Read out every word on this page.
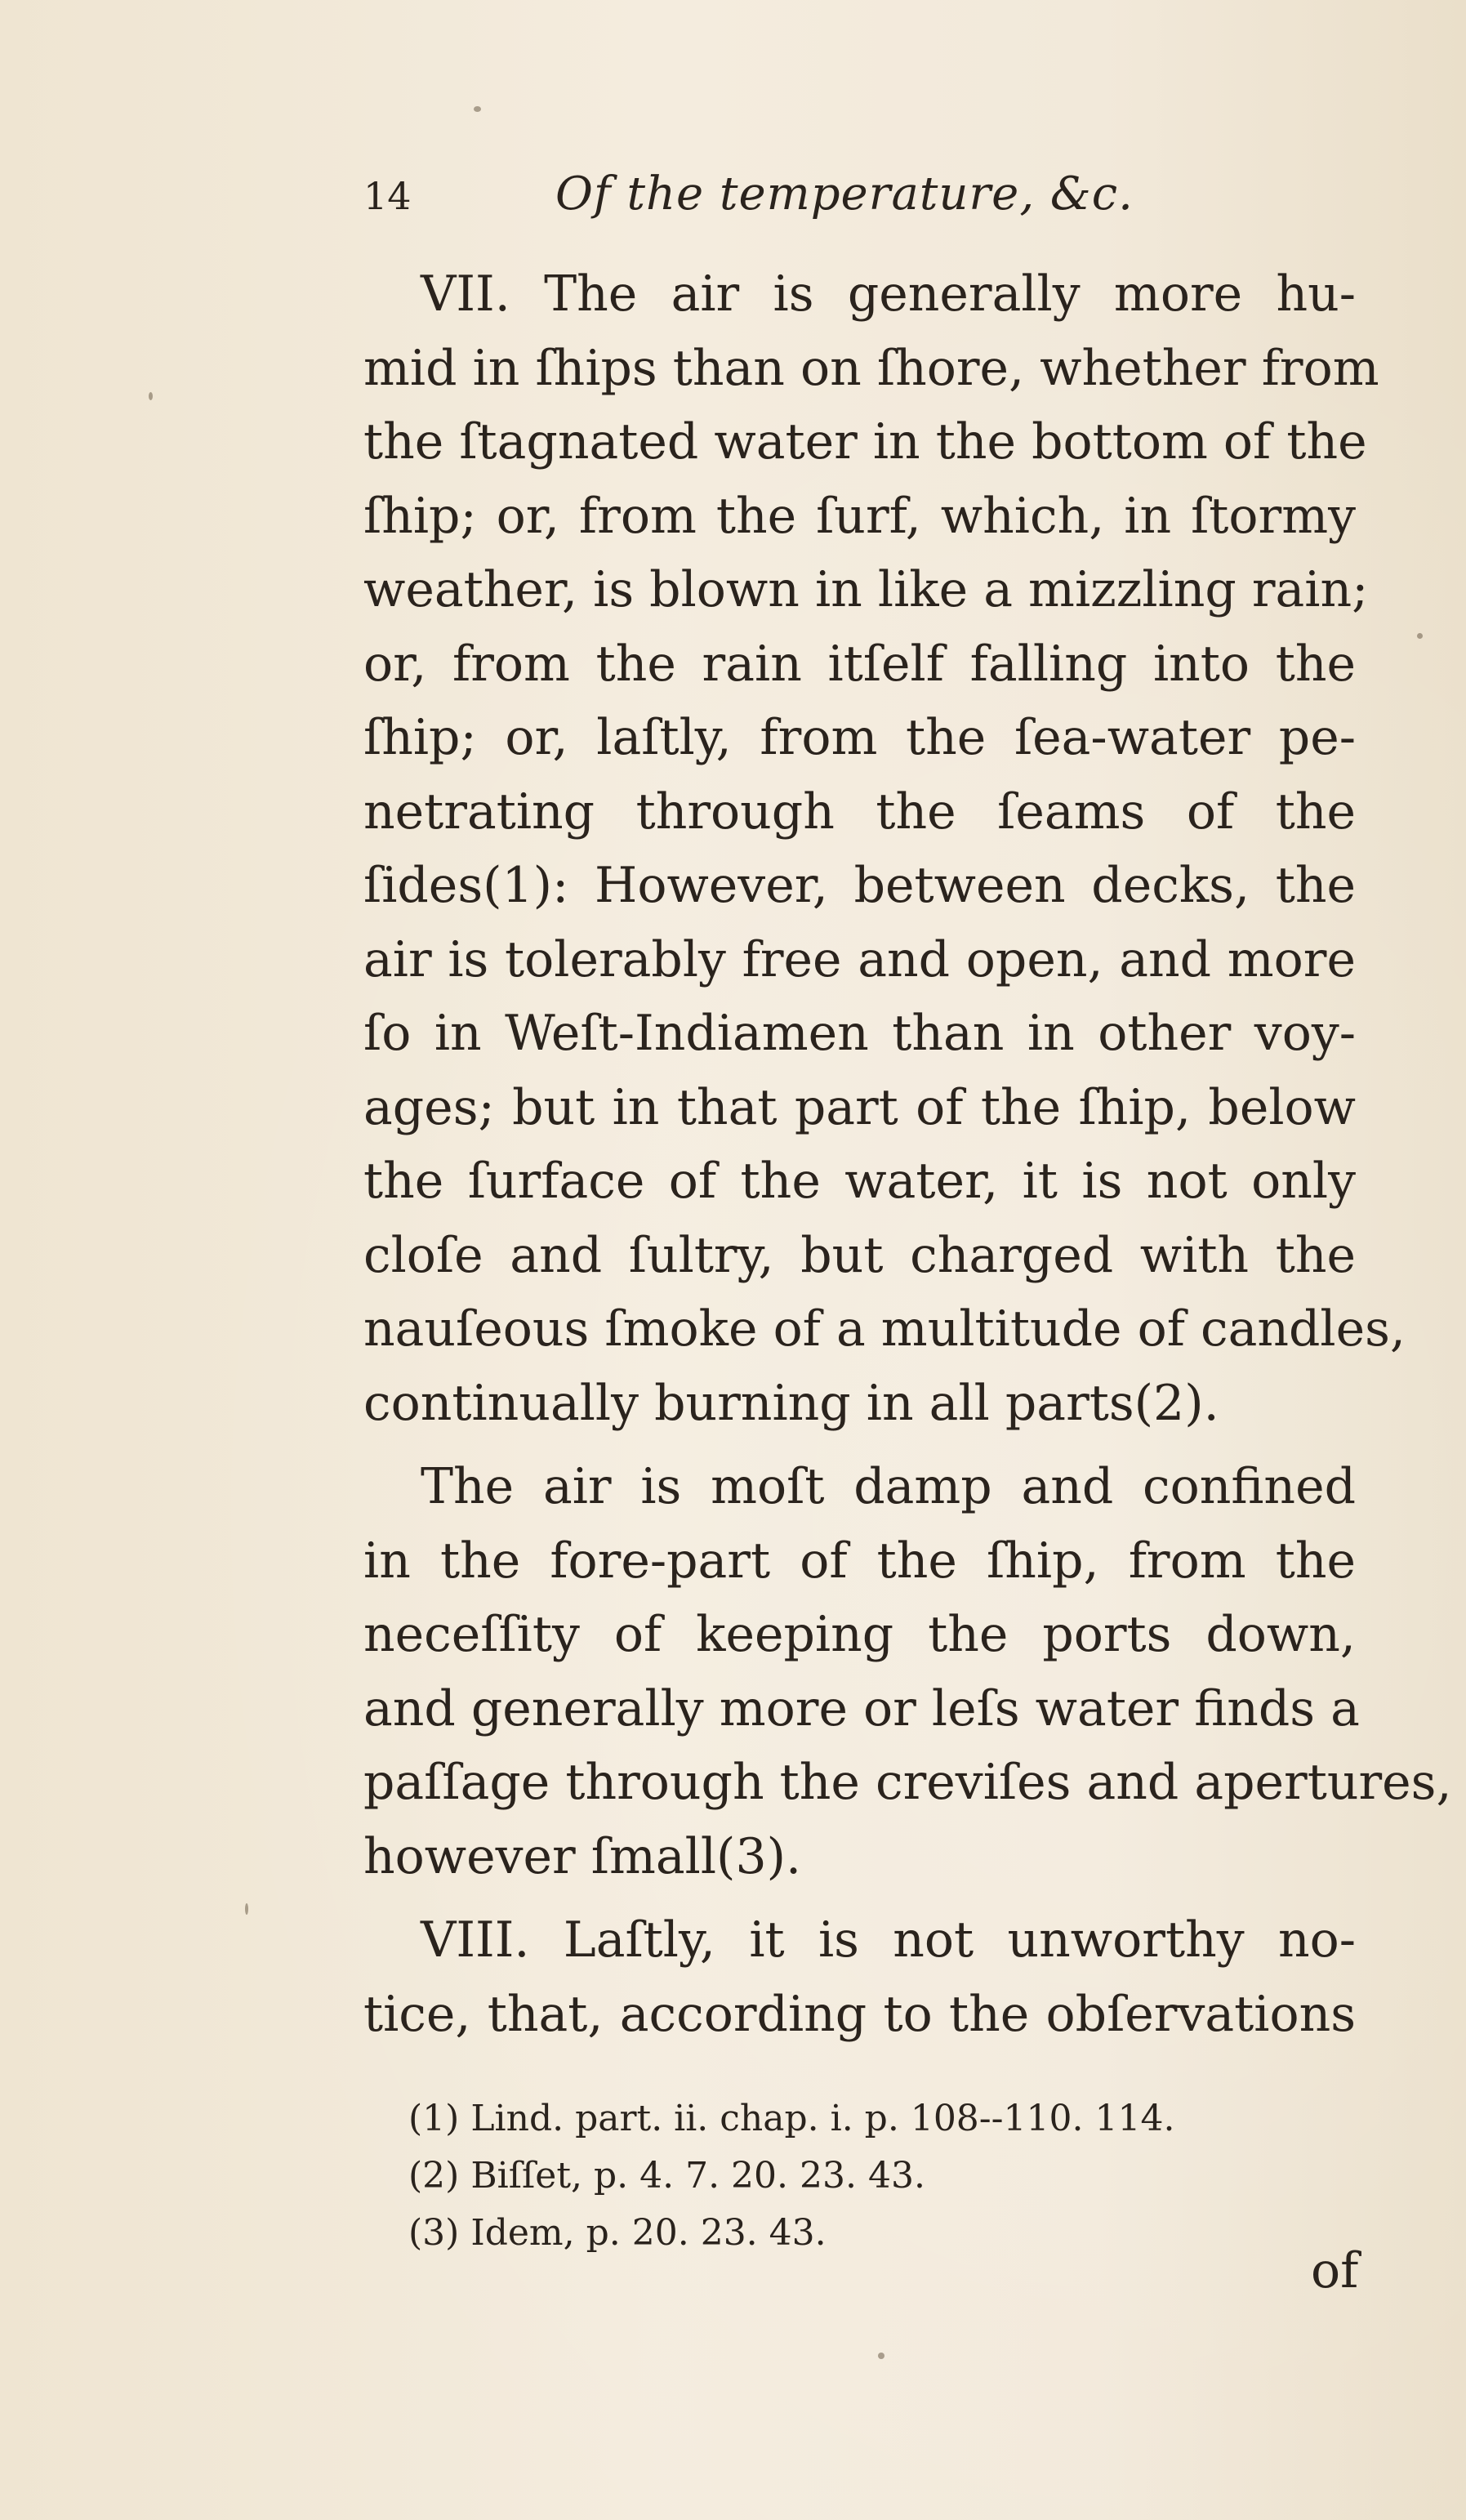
14	Of the temperature, &c.
VII. The air is generally more hu-
mid in ſhips than on ſhore, whether from
the ſtagnated water in the bottom of the
ſhip; or, from the ſurf, which, in ſtormy
weather, is blown in like a mizzling rain;
or, from the rain itſelf falling into the
ſhip; or, laſtly, from the ſea-water pe-
netrating through the ſeams of the
ſides(1): However, between decks, the
air is tolerably free and open, and more
ſo in Weſt-Indiamen than in other voy-
ages; but in that part of the ſhip, below
the ſurface of the water, it is not only
cloſe and ſultry, but charged with the
nauſeous ſmoke of a multitude of candles,
continually burning in all parts(2).
The air is moſt damp and confined
in the fore-part of the ſhip, from the
neceſſity of keeping the ports down,
and generally more or leſs water finds a
paſſage through the creviſes and apertures,
however ſmall(3).
VIII. Laſtly, it is not unworthy no-
tice, that, according to the obſervations
(1) Lind. part. ii. chap. i. p. 108--110. 114.
(2) Biſſet, p. 4. 7. 20. 23. 43.
(3) Idem, p. 20. 23. 43.
of
